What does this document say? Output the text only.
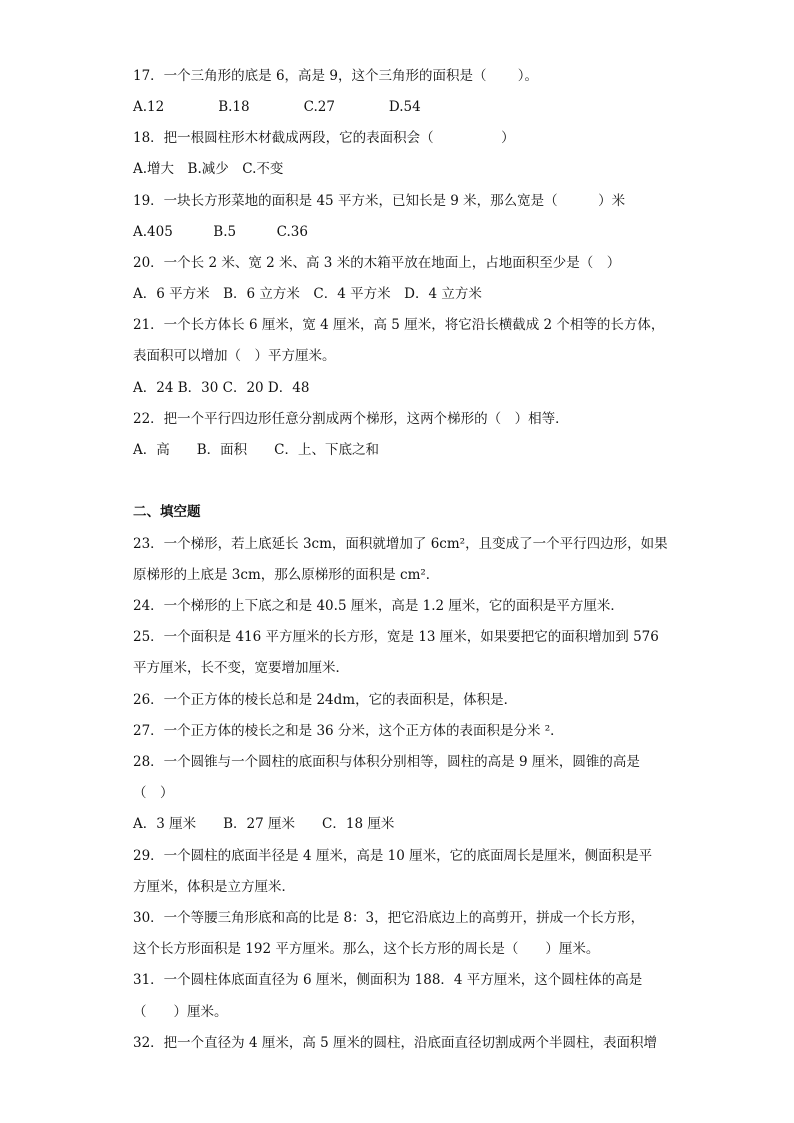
17．一个三角形的底是 6，高是 9，这个三角形的面积是（　　 ）。
A.12　　　　B.18　　　　C.27　　　　D.54
18．把一根圆柱形木材截成两段，它的表面积会（　　　　　）
A.增大　B.减少　C.不变
19．一块长方形菜地的面积是 45 平方米，已知长是 9 米，那么宽是（　　　）米
A.405　　　B.5　　　C.36
20．一个长 2 米、宽 2 米、高 3 米的木箱平放在地面上，占地面积至少是（　）
A．6 平方米　B．6 立方米　C．4 平方米　D．4 立方米
21．一个长方体长 6 厘米，宽 4 厘米，高 5 厘米，将它沿长横截成 2 个相等的长方体，
表面积可以增加（　）平方厘米。
A．24 B．30 C．20 D．48
22．把一个平行四边形任意分割成两个梯形，这两个梯形的（　）相等．
A．高　　B．面积　　C．上、下底之和
二、填空题
23．一个梯形，若上底延长 3cm，面积就增加了 6cm²，且变成了一个平行四边形，如果
原梯形的上底是 3cm，那么原梯形的面积是 cm²．
24．一个梯形的上下底之和是 40.5 厘米，高是 1.2 厘米，它的面积是平方厘米．
25．一个面积是 416 平方厘米的长方形，宽是 13 厘米，如果要把它的面积增加到 576
平方厘米，长不变，宽要增加厘米．
26．一个正方体的棱长总和是 24dm，它的表面积是，体积是．
27．一个正方体的棱长之和是 36 分米，这个正方体的表面积是分米 ²．
28．一个圆锥与一个圆柱的底面积与体积分别相等，圆柱的高是 9 厘米，圆锥的高是
（　）
A．3 厘米　　B．27 厘米　　C．18 厘米
29．一个圆柱的底面半径是 4 厘米，高是 10 厘米，它的底面周长是厘米，侧面积是平
方厘米，体积是立方厘米．
30．一个等腰三角形底和高的比是 8：3，把它沿底边上的高剪开，拼成一个长方形，
这个长方形面积是 192 平方厘米。那么，这个长方形的周长是（　　）厘米。
31．一个圆柱体底面直径为 6 厘米，侧面积为 188．4 平方厘米，这个圆柱体的高是
（　　）厘米。
32．把一个直径为 4 厘米，高 5 厘米的圆柱，沿底面直径切割成两个半圆柱，表面积增
